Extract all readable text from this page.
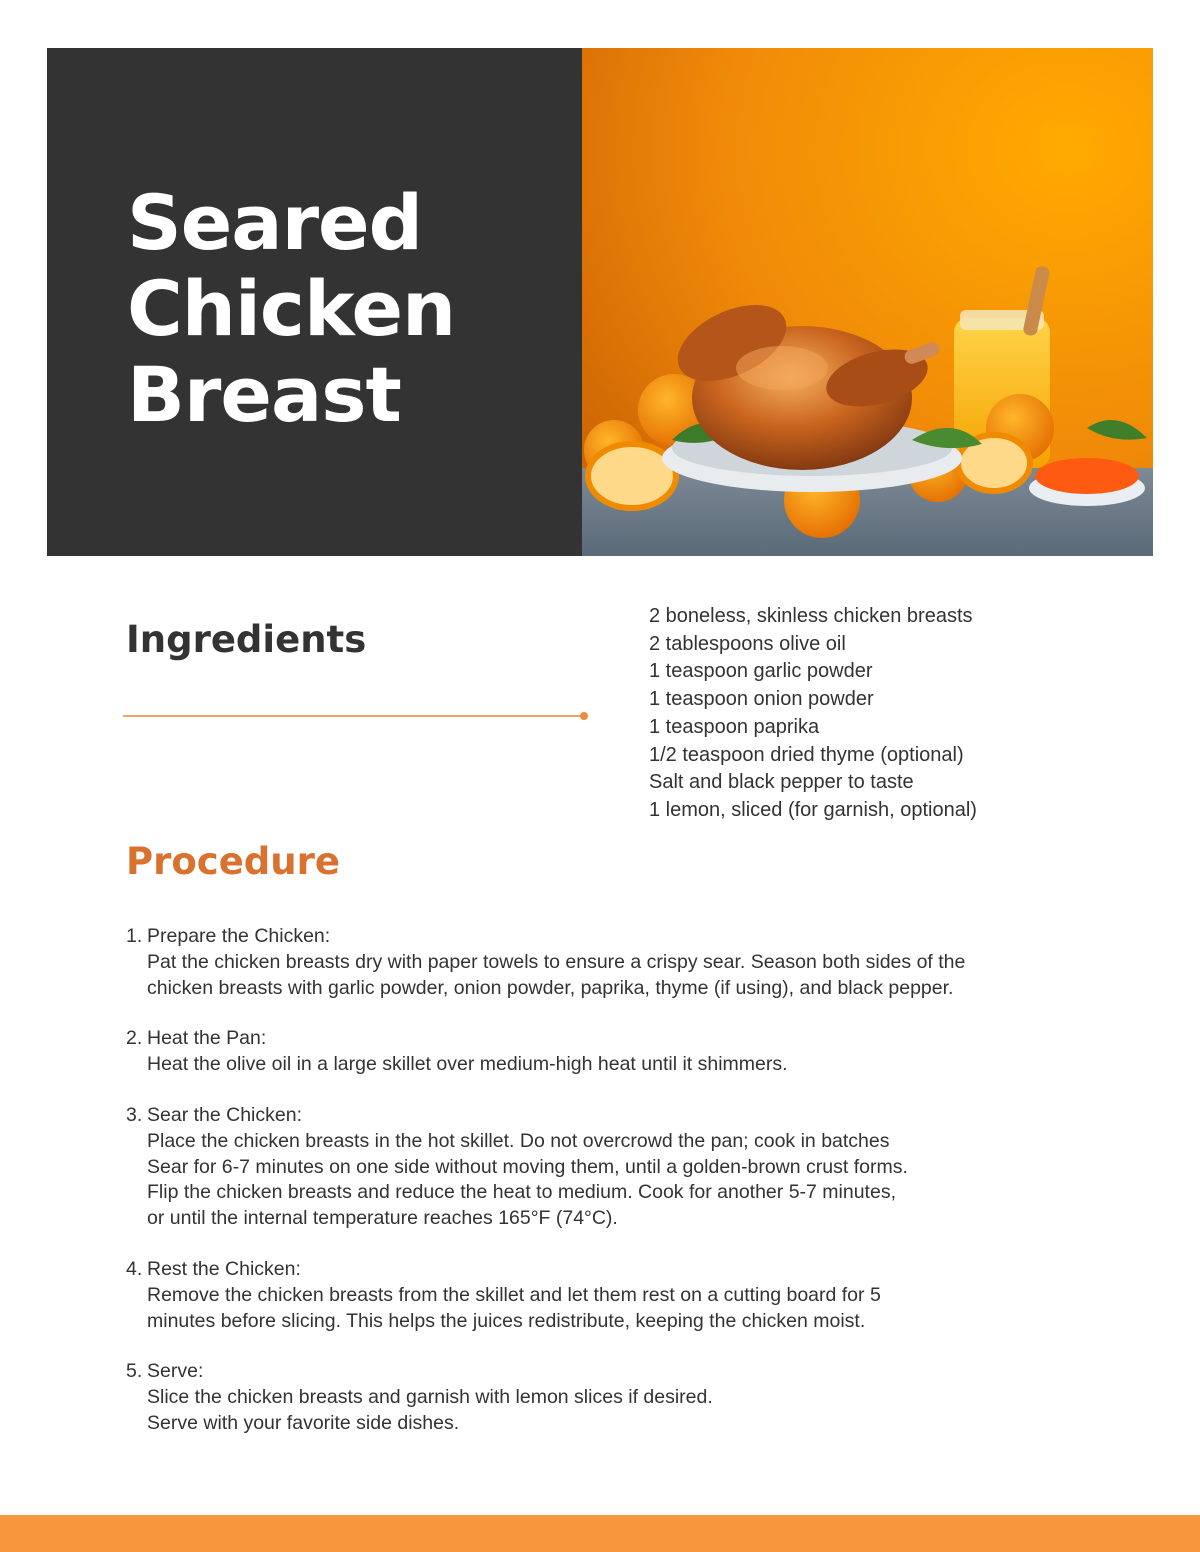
Seared
Chicken
Breast
Ingredients
2 boneless, skinless chicken breasts
2 tablespoons olive oil
1 teaspoon garlic powder
1 teaspoon onion powder
1 teaspoon paprika
1/2 teaspoon dried thyme (optional)
Salt and black pepper to taste
1 lemon, sliced (for garnish, optional)
Procedure
1. Prepare the Chicken:
Pat the chicken breasts dry with paper towels to ensure a crispy sear. Season both sides of the
chicken breasts with garlic powder, onion powder, paprika, thyme (if using), and black pepper.
2. Heat the Pan:
Heat the olive oil in a large skillet over medium-high heat until it shimmers.
3. Sear the Chicken:
Place the chicken breasts in the hot skillet. Do not overcrowd the pan; cook in batches
Sear for 6-7 minutes on one side without moving them, until a golden-brown crust forms.
Flip the chicken breasts and reduce the heat to medium. Cook for another 5-7 minutes,
or until the internal temperature reaches 165°F (74°C).
4. Rest the Chicken:
Remove the chicken breasts from the skillet and let them rest on a cutting board for 5
minutes before slicing. This helps the juices redistribute, keeping the chicken moist.
5. Serve:
Slice the chicken breasts and garnish with lemon slices if desired.
Serve with your favorite side dishes.
